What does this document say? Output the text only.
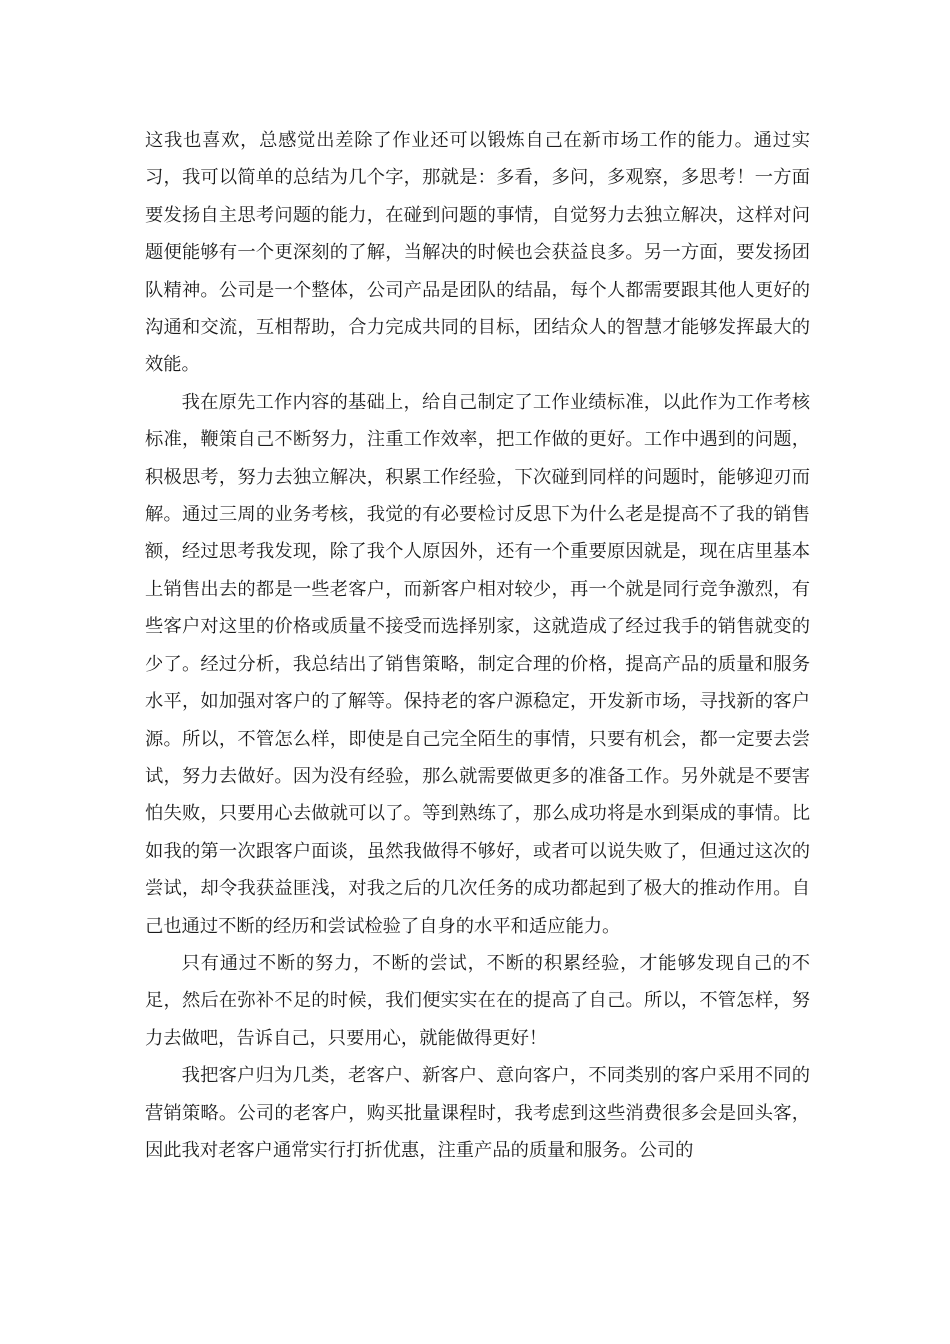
这我也喜欢，总感觉出差除了作业还可以锻炼自己在新市场工作的能力。通过实习，我可以简单的总结为几个字，那就是：多看，多问，多观察，多思考！一方面要发扬自主思考问题的能力，在碰到问题的事情，自觉努力去独立解决，这样对问题便能够有一个更深刻的了解，当解决的时候也会获益良多。另一方面，要发扬团队精神。公司是一个整体，公司产品是团队的结晶，每个人都需要跟其他人更好的沟通和交流，互相帮助，合力完成共同的目标，团结众人的智慧才能够发挥最大的效能。

我在原先工作内容的基础上，给自己制定了工作业绩标准，以此作为工作考核标准，鞭策自己不断努力，注重工作效率，把工作做的更好。工作中遇到的问题，积极思考，努力去独立解决，积累工作经验，下次碰到同样的问题时，能够迎刃而解。通过三周的业务考核，我觉的有必要检讨反思下为什么老是提高不了我的销售额，经过思考我发现，除了我个人原因外，还有一个重要原因就是，现在店里基本上销售出去的都是一些老客户，而新客户相对较少，再一个就是同行竞争激烈，有些客户对这里的价格或质量不接受而选择别家，这就造成了经过我手的销售就变的少了。经过分析，我总结出了销售策略，制定合理的价格，提高产品的质量和服务水平，如加强对客户的了解等。保持老的客户源稳定，开发新市场，寻找新的客户源。所以，不管怎么样，即使是自己完全陌生的事情，只要有机会，都一定要去尝试，努力去做好。因为没有经验，那么就需要做更多的准备工作。另外就是不要害怕失败，只要用心去做就可以了。等到熟练了，那么成功将是水到渠成的事情。比如我的第一次跟客户面谈，虽然我做得不够好，或者可以说失败了，但通过这次的尝试，却令我获益匪浅，对我之后的几次任务的成功都起到了极大的推动作用。自己也通过不断的经历和尝试检验了自身的水平和适应能力。

只有通过不断的努力，不断的尝试，不断的积累经验，才能够发现自己的不足，然后在弥补不足的时候，我们便实实在在的提高了自己。所以，不管怎样，努力去做吧，告诉自己，只要用心，就能做得更好！

我把客户归为几类，老客户、新客户、意向客户，不同类别的客户采用不同的营销策略。公司的老客户，购买批量课程时，我考虑到这些消费很多会是回头客，因此我对老客户通常实行打折优惠，注重产品的质量和服务。公司的
